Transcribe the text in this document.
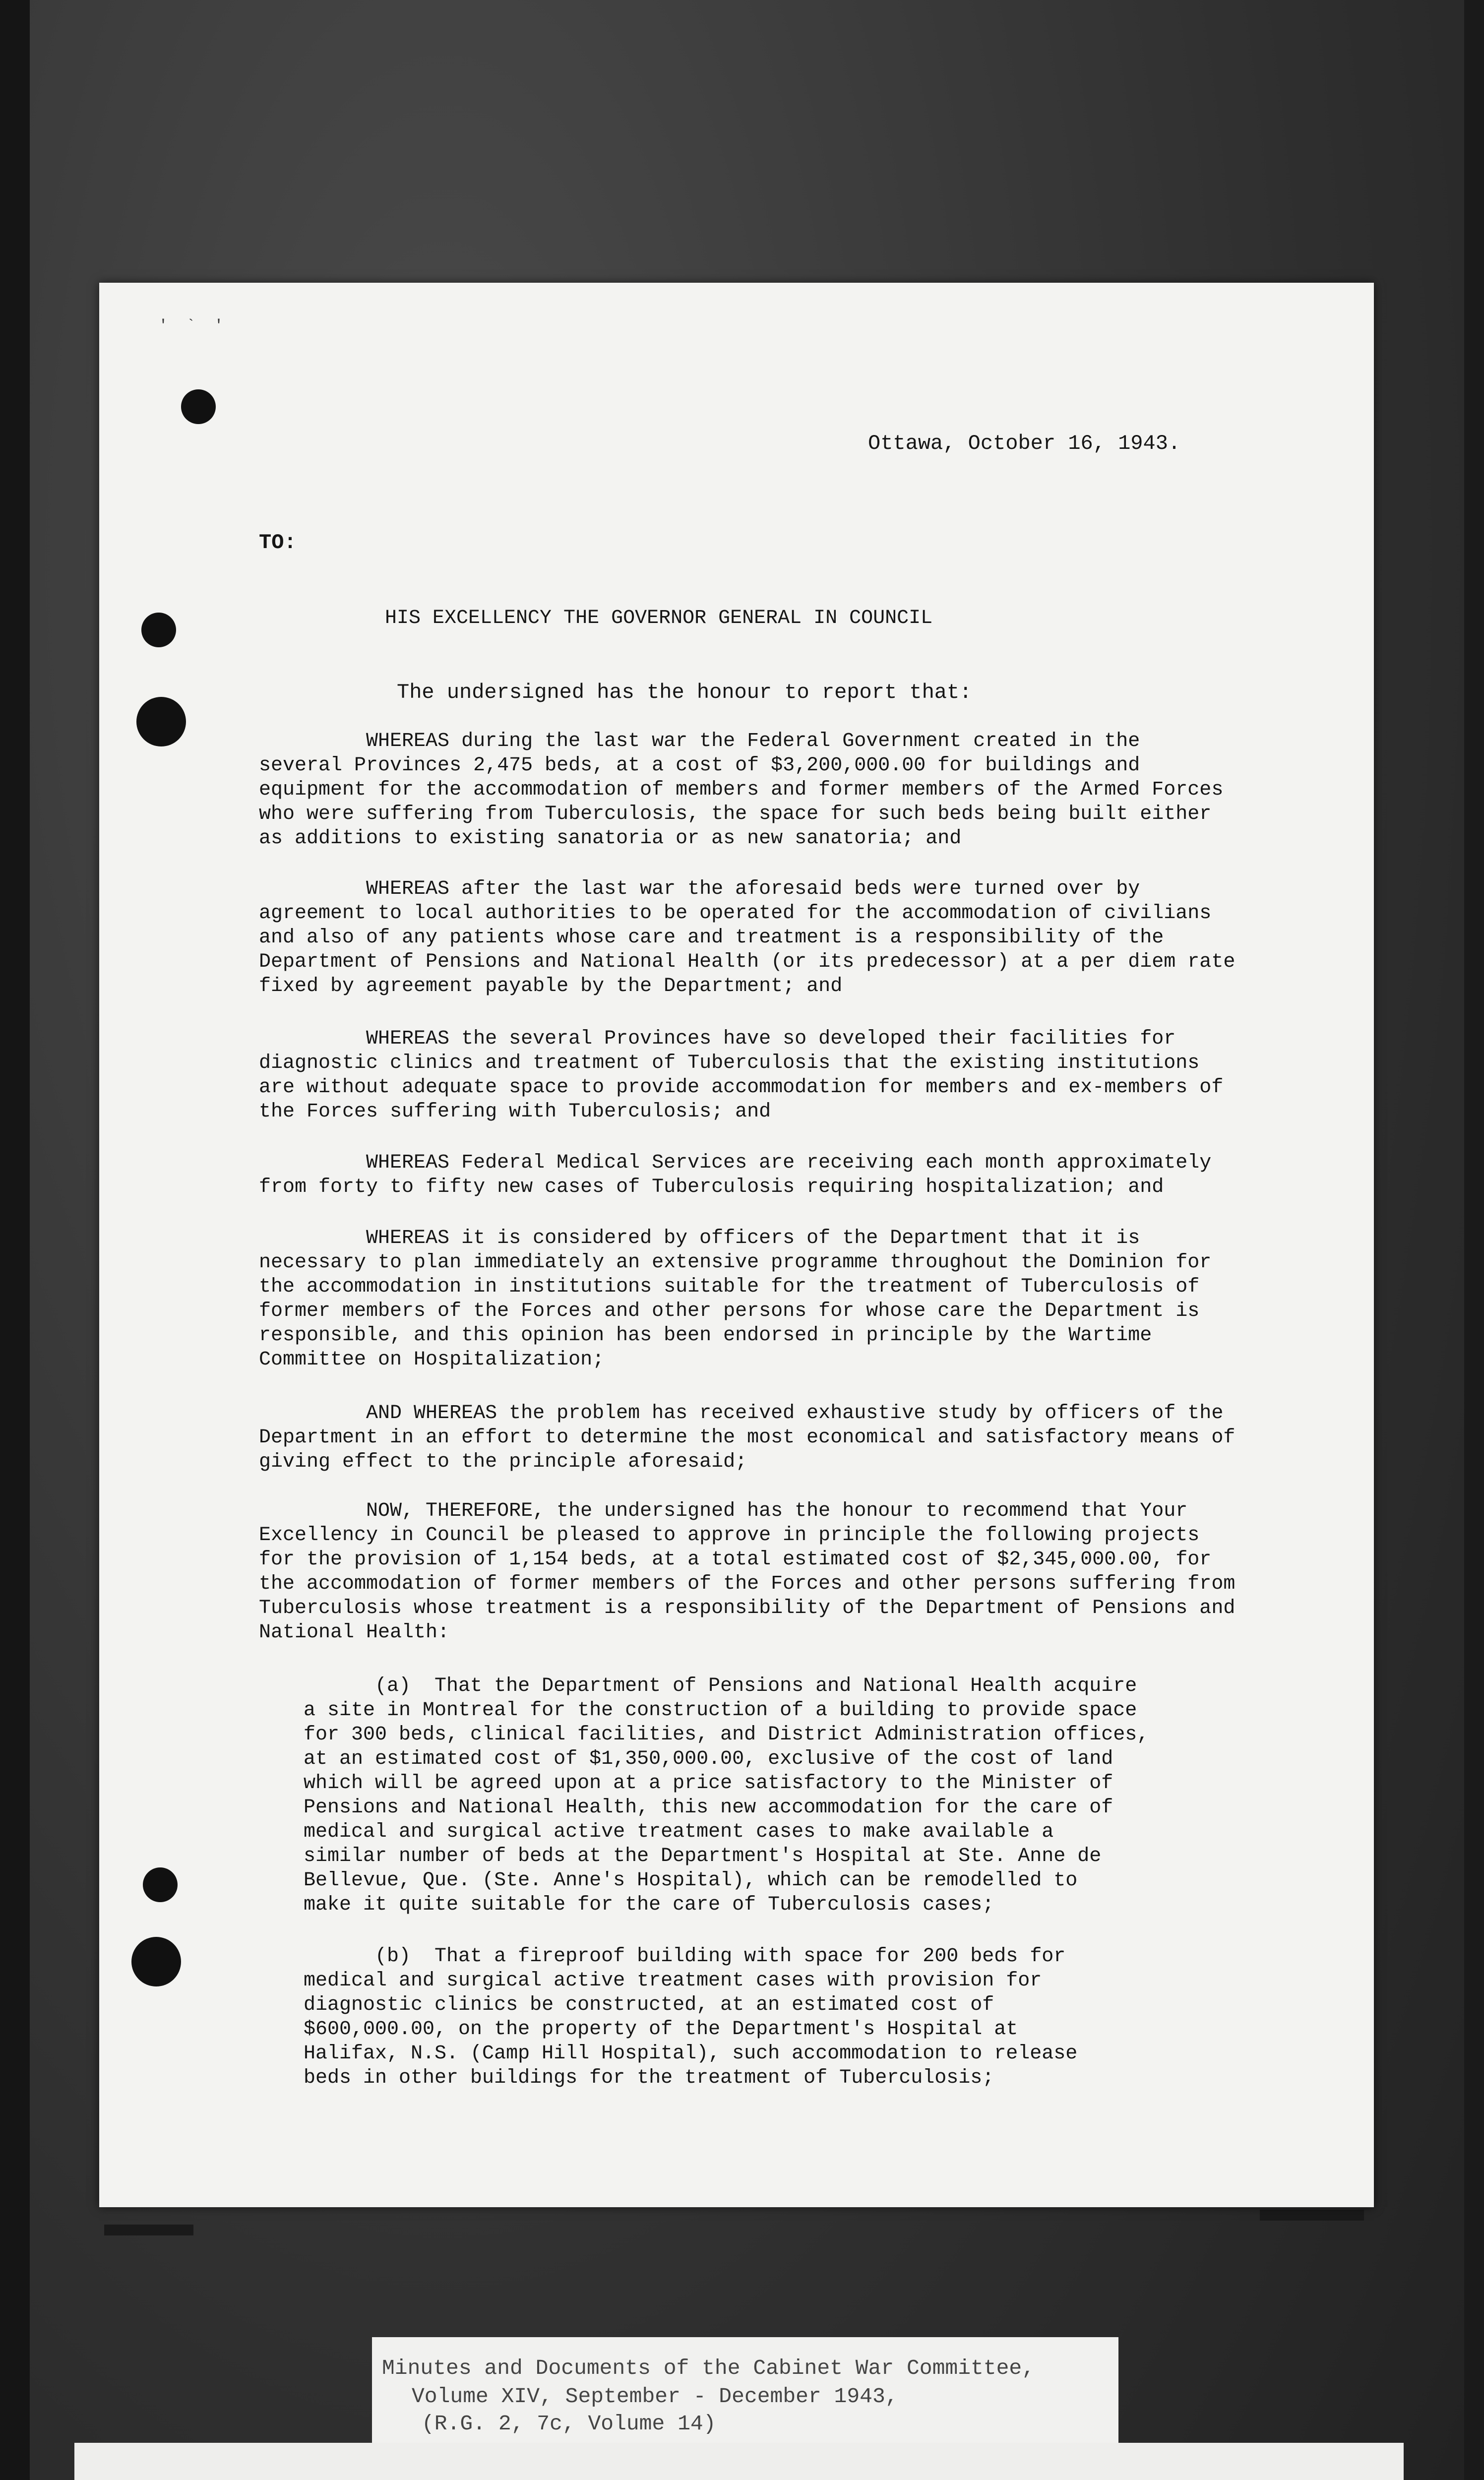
' ` '
Ottawa, October 16, 1943.
TO:
HIS EXCELLENCY THE GOVERNOR GENERAL IN COUNCIL
The undersigned has the honour to report that:
WHEREAS during the last war the Federal Government created in the
several Provinces 2,475 beds, at a cost of $3,200,000.00 for buildings and
equipment for the accommodation of members and former members of the Armed Forces
who were suffering from Tuberculosis, the space for such beds being built either
as additions to existing sanatoria or as new sanatoria; and
WHEREAS after the last war the aforesaid beds were turned over by
agreement to local authorities to be operated for the accommodation of civilians
and also of any patients whose care and treatment is a responsibility of the
Department of Pensions and National Health (or its predecessor) at a per diem rate
fixed by agreement payable by the Department; and
WHEREAS the several Provinces have so developed their facilities for
diagnostic clinics and treatment of Tuberculosis that the existing institutions
are without adequate space to provide accommodation for members and ex-members of
the Forces suffering with Tuberculosis; and
WHEREAS Federal Medical Services are receiving each month approximately
from forty to fifty new cases of Tuberculosis requiring hospitalization; and
WHEREAS it is considered by officers of the Department that it is
necessary to plan immediately an extensive programme throughout the Dominion for
the accommodation in institutions suitable for the treatment of Tuberculosis of
former members of the Forces and other persons for whose care the Department is
responsible, and this opinion has been endorsed in principle by the Wartime
Committee on Hospitalization;
AND WHEREAS the problem has received exhaustive study by officers of the
Department in an effort to determine the most economical and satisfactory means of
giving effect to the principle aforesaid;
NOW, THEREFORE, the undersigned has the honour to recommend that Your
Excellency in Council be pleased to approve in principle the following projects
for the provision of 1,154 beds, at a total estimated cost of $2,345,000.00, for
the accommodation of former members of the Forces and other persons suffering from
Tuberculosis whose treatment is a responsibility of the Department of Pensions and
National Health:
(a)  That the Department of Pensions and National Health acquire
a site in Montreal for the construction of a building to provide space
for 300 beds, clinical facilities, and District Administration offices,
at an estimated cost of $1,350,000.00, exclusive of the cost of land
which will be agreed upon at a price satisfactory to the Minister of
Pensions and National Health, this new accommodation for the care of
medical and surgical active treatment cases to make available a
similar number of beds at the Department's Hospital at Ste. Anne de
Bellevue, Que. (Ste. Anne's Hospital), which can be remodelled to
make it quite suitable for the care of Tuberculosis cases;
(b)  That a fireproof building with space for 200 beds for
medical and surgical active treatment cases with provision for
diagnostic clinics be constructed, at an estimated cost of
$600,000.00, on the property of the Department's Hospital at
Halifax, N.S. (Camp Hill Hospital), such accommodation to release
beds in other buildings for the treatment of Tuberculosis;
Minutes and Documents of the Cabinet War Committee,
Volume XIV, September - December 1943,
(R.G. 2, 7c, Volume 14)
